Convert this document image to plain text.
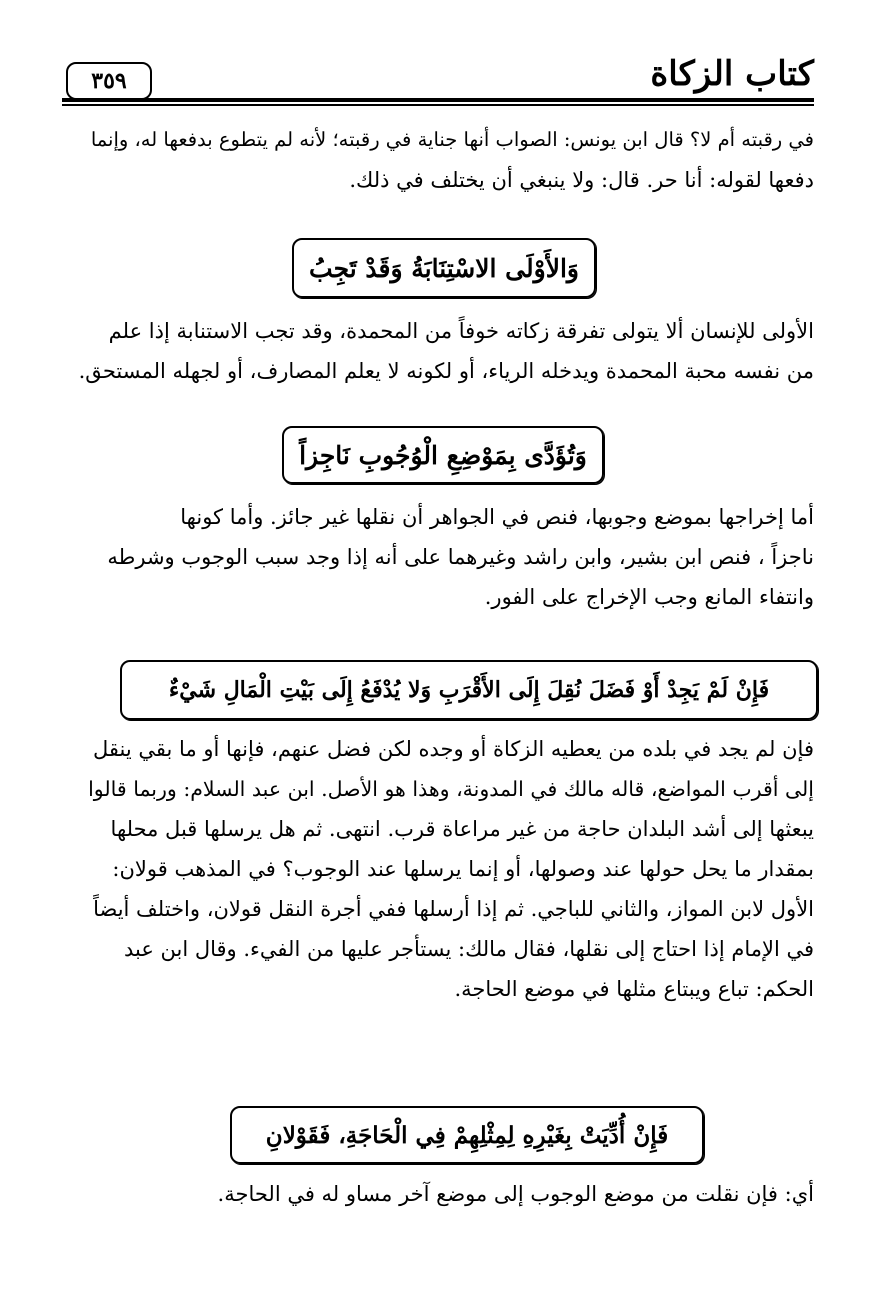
كتاب الزكاة
٣٥٩
في رقبته أم لا؟ قال ابن يونس: الصواب أنها جناية في رقبته؛ لأنه لم يتطوع بدفعها له، وإنما
دفعها لقوله: أنا حر. قال: ولا ينبغي أن يختلف في ذلك.
وَالأَوْلَى الاسْتِنَابَةُ وَقَدْ تَجِبُ
الأولى للإنسان ألا يتولى تفرقة زكاته خوفاً من المحمدة، وقد تجب الاستنابة إذا علم
من نفسه محبة المحمدة ويدخله الرياء، أو لكونه لا يعلم المصارف، أو لجهله المستحق.
وَتُؤَدَّى بِمَوْضِعِ الْوُجُوبِ نَاجِزاً
أما إخراجها بموضع وجوبها، فنص في الجواهر أن نقلها غير جائز. وأما كونها
ناجزاً ، فنص ابن بشير، وابن راشد وغيرهما على أنه إذا وجد سبب الوجوب وشرطه
وانتفاء المانع وجب الإخراج على الفور.
فَإِنْ لَمْ يَجِدْ أَوْ فَضَلَ نُقِلَ إِلَى الأَقْرَبِ وَلا يُدْفَعُ إِلَى بَيْتِ الْمَالِ شَيْءٌ
فإن لم يجد في بلده من يعطيه الزكاة أو وجده لكن فضل عنهم، فإنها أو ما بقي ينقل
إلى أقرب المواضع، قاله مالك في المدونة، وهذا هو الأصل. ابن عبد السلام: وربما قالوا
يبعثها إلى أشد البلدان حاجة من غير مراعاة قرب. انتهى. ثم هل يرسلها قبل محلها
بمقدار ما يحل حولها عند وصولها، أو إنما يرسلها عند الوجوب؟ في المذهب قولان:
الأول لابن المواز، والثاني للباجي. ثم إذا أرسلها ففي أجرة النقل قولان، واختلف أيضاً
في الإمام إذا احتاج إلى نقلها، فقال مالك: يستأجر عليها من الفيء. وقال ابن عبد
الحكم: تباع ويبتاع مثلها في موضع الحاجة.
فَإِنْ أُدِّيَتْ بِغَيْرِهِ لِمِثْلِهِمْ فِي الْحَاجَةِ، فَقَوْلانِ
أي: فإن نقلت من موضع الوجوب إلى موضع آخر مساو له في الحاجة.
